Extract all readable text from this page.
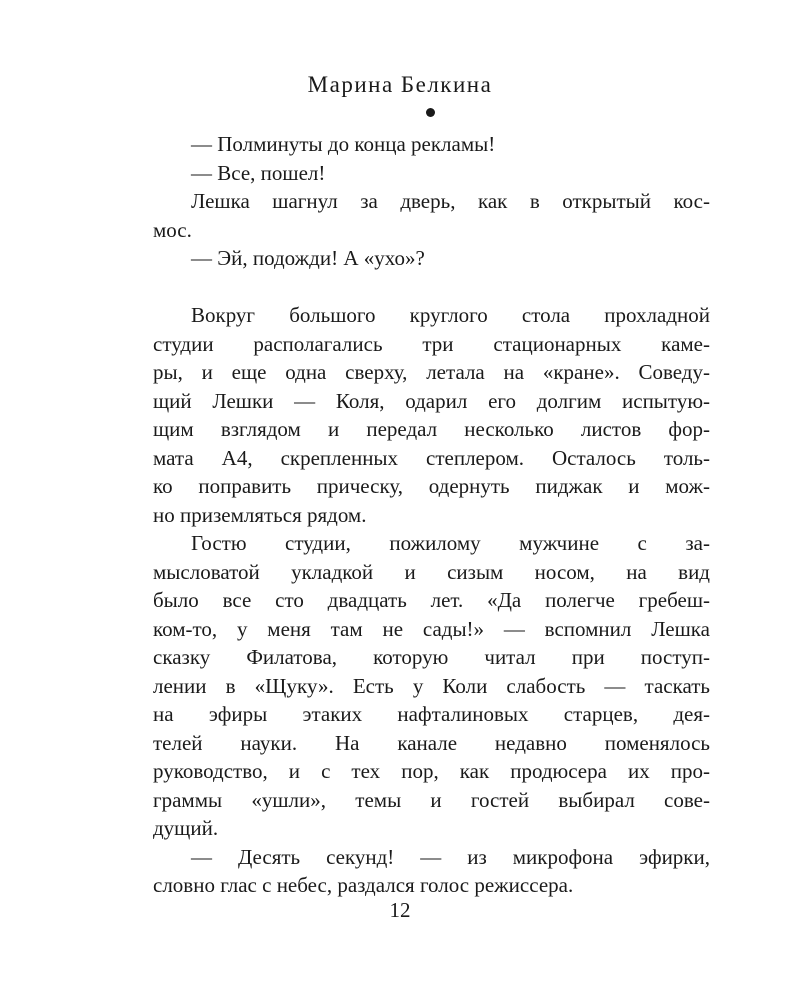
Марина Белкина
— Полминуты до конца рекламы!
— Все, пошел!
Лешка шагнул за дверь, как в открытый кос-
мос.
— Эй, подожди! А «ухо»?
Вокруг большого круглого стола прохладной
студии располагались три стационарных каме-
ры, и еще одна сверху, летала на «кране». Соведу-
щий Лешки — Коля, одарил его долгим испытую-
щим взглядом и передал несколько листов фор-
мата А4, скрепленных степлером. Осталось толь-
ко поправить прическу, одернуть пиджак и мож-
но приземляться рядом.
Гостю студии, пожилому мужчине с за-
мысловатой укладкой и сизым носом, на вид
было все сто двадцать лет. «Да полегче гребеш-
ком-то, у меня там не сады!» — вспомнил Лешка
сказку Филатова, которую читал при поступ-
лении в «Щуку». Есть у Коли слабость — таскать
на эфиры этаких нафталиновых старцев, дея-
телей науки. На канале недавно поменялось
руководство, и с тех пор, как продюсера их про-
граммы «ушли», темы и гостей выбирал сове-
дущий.
— Десять секунд! — из микрофона эфирки,
словно глас с небес, раздался голос режиссера.
12
